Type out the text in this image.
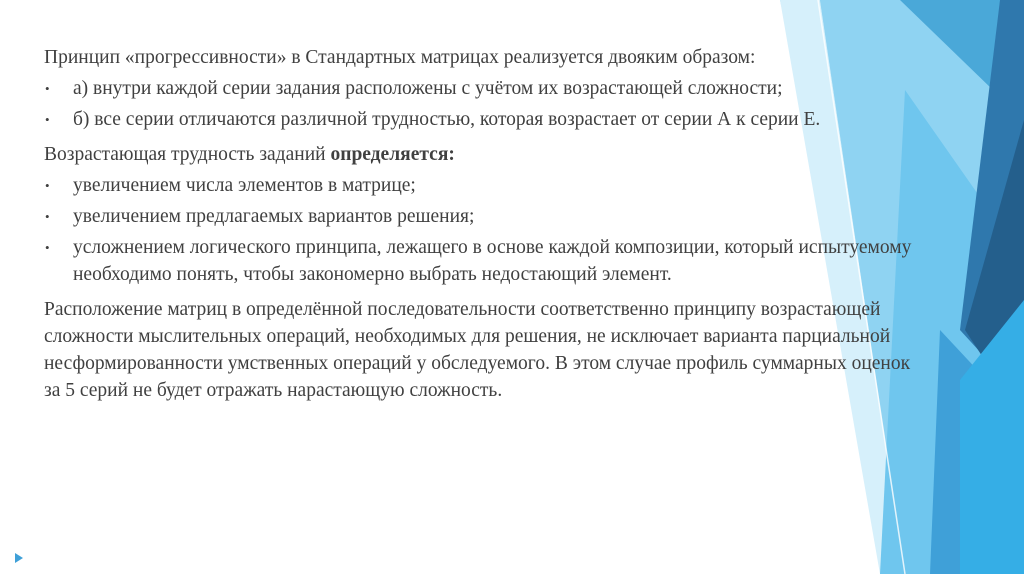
Принцип «прогрессивности» в Стандартных матрицах реализуется двояким образом:

• а) внутри каждой серии задания расположены с учётом их возрастающей сложности;
• б) все серии отличаются различной трудностью, которая возрастает от серии А к серии Е.

Возрастающая трудность заданий определяется:

• увеличением числа элементов в матрице;
• увеличением предлагаемых вариантов решения;
• усложнением логического принципа, лежащего в основе каждой композиции, который испытуемому необходимо понять, чтобы закономерно выбрать недостающий элемент.

Расположение матриц в определённой последовательности соответственно принципу возрастающей сложности мыслительных операций, необходимых для решения, не исключает варианта парциальной несформированности умственных операций у обследуемого. В этом случае профиль суммарных оценок за 5 серий не будет отражать нарастающую сложность.
